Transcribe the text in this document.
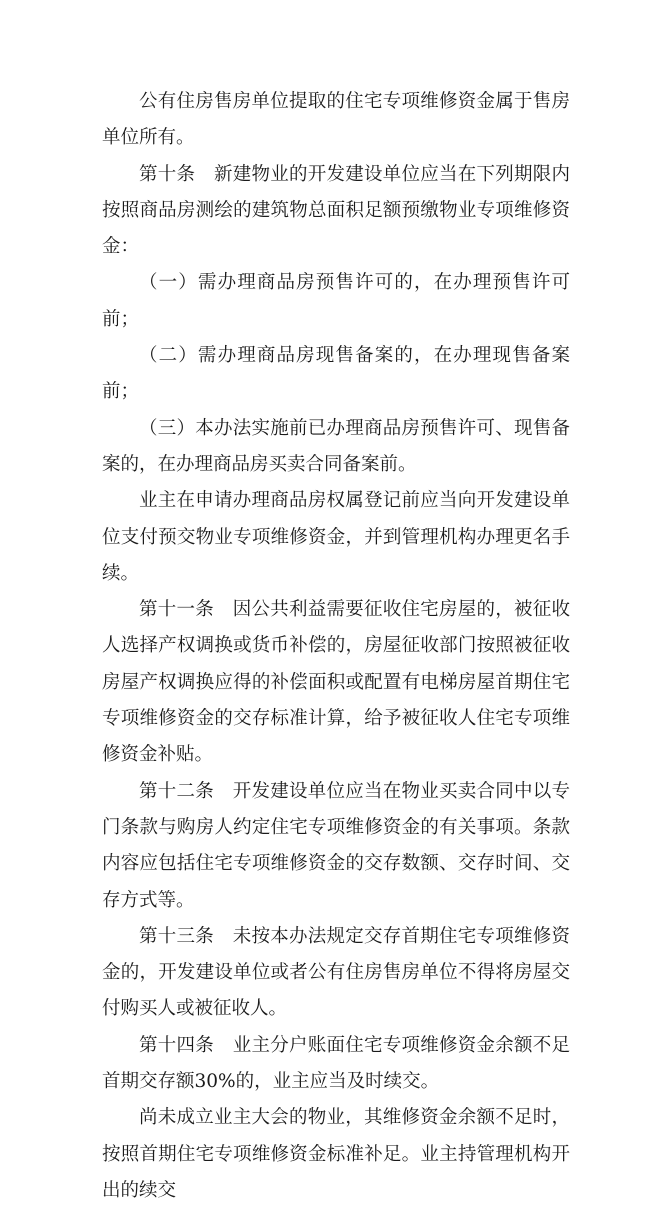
公有住房售房单位提取的住宅专项维修资金属于售房单位所有。

第十条　新建物业的开发建设单位应当在下列期限内按照商品房测绘的建筑物总面积足额预缴物业专项维修资金：

（一）需办理商品房预售许可的，在办理预售许可前；

（二）需办理商品房现售备案的，在办理现售备案前；

（三）本办法实施前已办理商品房预售许可、现售备案的，在办理商品房买卖合同备案前。

业主在申请办理商品房权属登记前应当向开发建设单位支付预交物业专项维修资金，并到管理机构办理更名手续。

第十一条　因公共利益需要征收住宅房屋的，被征收人选择产权调换或货币补偿的，房屋征收部门按照被征收房屋产权调换应得的补偿面积或配置有电梯房屋首期住宅专项维修资金的交存标准计算，给予被征收人住宅专项维修资金补贴。

第十二条　开发建设单位应当在物业买卖合同中以专门条款与购房人约定住宅专项维修资金的有关事项。条款内容应包括住宅专项维修资金的交存数额、交存时间、交存方式等。

第十三条　未按本办法规定交存首期住宅专项维修资金的，开发建设单位或者公有住房售房单位不得将房屋交付购买人或被征收人。

第十四条　业主分户账面住宅专项维修资金余额不足首期交存额30%的，业主应当及时续交。

尚未成立业主大会的物业，其维修资金余额不足时，按照首期住宅专项维修资金标准补足。业主持管理机构开出的续交
